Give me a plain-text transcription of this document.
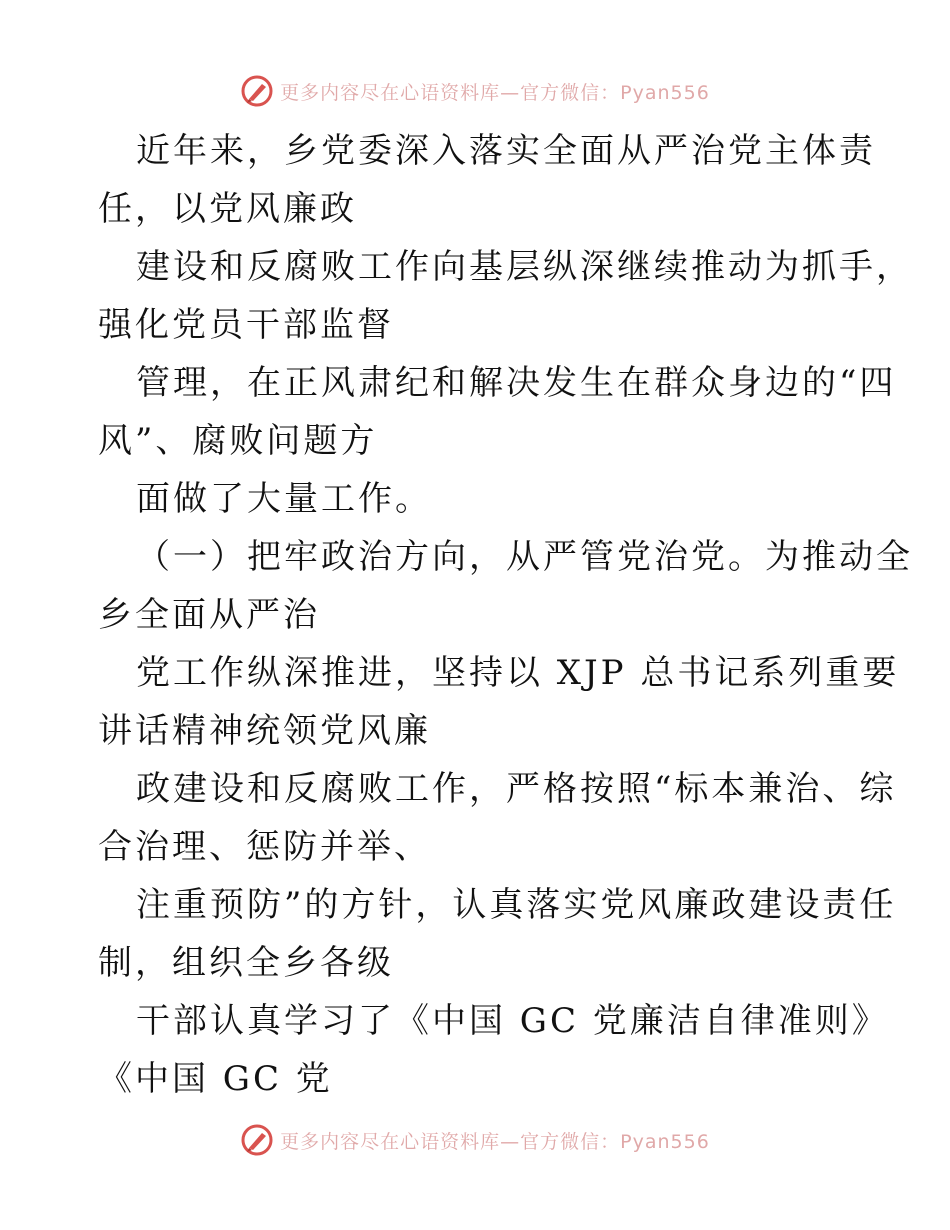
更多内容尽在心语资料库—官方微信：Pyan556
近年来，乡党委深入落实全面从严治党主体责
任，以党风廉政
建设和反腐败工作向基层纵深继续推动为抓手，
强化党员干部监督
管理，在正风肃纪和解决发生在群众身边的“四
风”、腐败问题方
面做了大量工作。
（一）把牢政治方向，从严管党治党。为推动全
乡全面从严治
党工作纵深推进，坚持以 XJP 总书记系列重要
讲话精神统领党风廉
政建设和反腐败工作，严格按照“标本兼治、综
合治理、惩防并举、
注重预防”的方针，认真落实党风廉政建设责任
制，组织全乡各级
干部认真学习了《中国 GC 党廉洁自律准则》
《中国 GC 党
更多内容尽在心语资料库—官方微信：Pyan556
